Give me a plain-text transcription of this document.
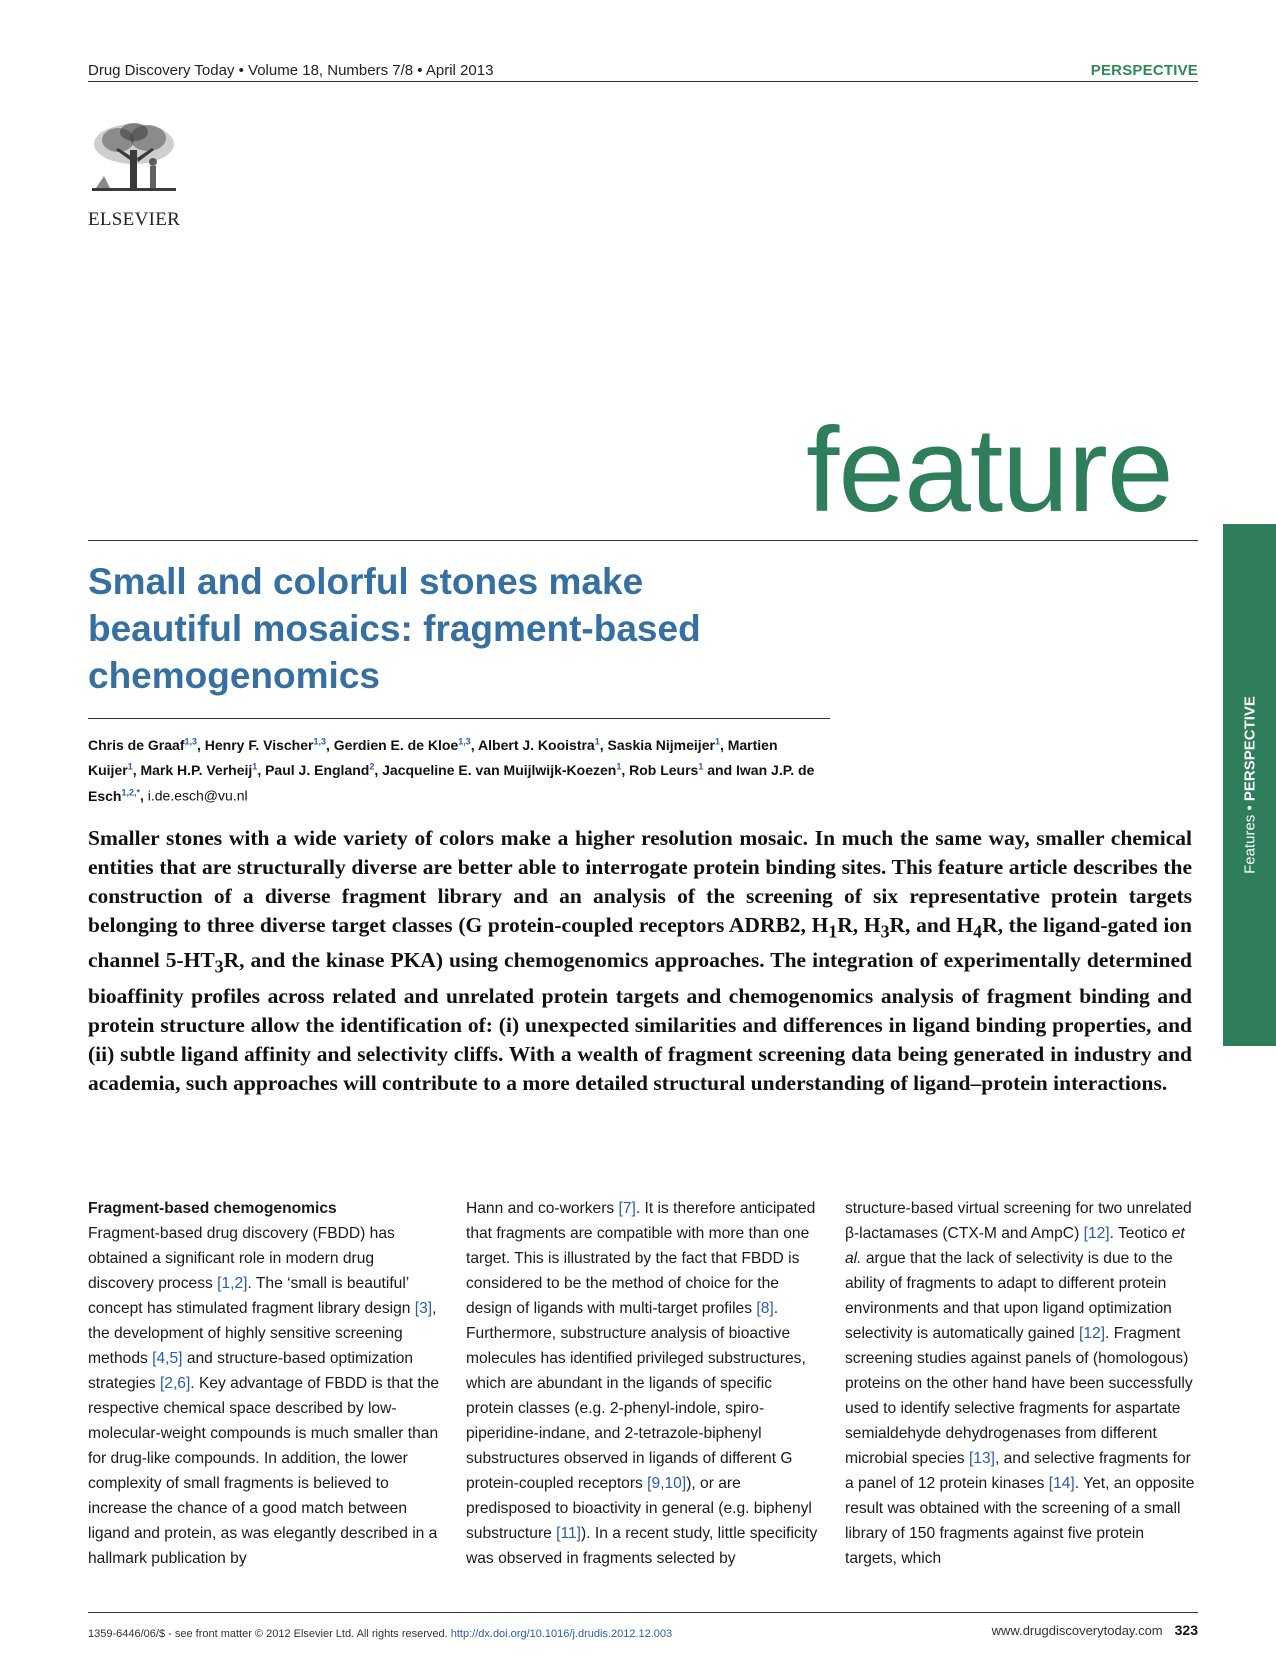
Drug Discovery Today • Volume 18, Numbers 7/8 • April 2013	PERSPECTIVE
ELSEVIER
feature
Features • PERSPECTIVE
Small and colorful stones make beautiful mosaics: fragment-based chemogenomics
Chris de Graaf$^{1,3}$, Henry F. Vischer$^{1,3}$, Gerdien E. de Kloe$^{1,3}$, Albert J. Kooistra$^1$, Saskia Nijmeijer$^1$, Martien Kuijer$^1$, Mark H.P. Verheij$^1$, Paul J. England$^2$, Jacqueline E. van Muijlwijk-Koezen$^1$, Rob Leurs$^1$ and Iwan J.P. de Esch$^{1,2,*}$, i.de.esch@vu.nl
Smaller stones with a wide variety of colors make a higher resolution mosaic. In much the same way, smaller chemical entities that are structurally diverse are better able to interrogate protein binding sites. This feature article describes the construction of a diverse fragment library and an analysis of the screening of six representative protein targets belonging to three diverse target classes (G protein-coupled receptors ADRB2, $H_1R$, $H_3R$, and $H_4R$, the ligand-gated ion channel $5-HT_3R$, and the kinase PKA) using chemogenomics approaches. The integration of experimentally determined bioaffinity profiles across related and unrelated protein targets and chemogenomics analysis of fragment binding and protein structure allow the identification of: (i) unexpected similarities and differences in ligand binding properties, and (ii) subtle ligand affinity and selectivity cliffs. With a wealth of fragment screening data being generated in industry and academia, such approaches will contribute to a more detailed structural understanding of ligand–protein interactions.
Fragment-based chemogenomics

Fragment-based drug discovery (FBDD) has obtained a significant role in modern drug discovery process [1,2]. The ‘small is beautiful’ concept has stimulated fragment library design [3], the development of highly sensitive screening methods [4,5] and structure-based optimization strategies [2,6]. Key advantage of FBDD is that the respective chemical space described by low-molecular-weight compounds is much smaller than for drug-like compounds. In addition, the lower complexity of small fragments is believed to increase the chance of a good match between ligand and protein, as was elegantly described in a hallmark publication by

Hann and co-workers [7]. It is therefore anticipated that fragments are compatible with more than one target. This is illustrated by the fact that FBDD is considered to be the method of choice for the design of ligands with multi-target profiles [8]. Furthermore, substructure analysis of bioactive molecules has identified privileged substructures, which are abundant in the ligands of specific protein classes (e.g. 2-phenyl-indole, spiro-piperidine-indane, and 2-tetrazole-biphenyl substructures observed in ligands of different G protein-coupled receptors [9,10]), or are predisposed to bioactivity in general (e.g. biphenyl substructure [11]). In a recent study, little specificity was observed in fragments selected by

structure-based virtual screening for two unrelated β-lactamases (CTX-M and AmpC) [12]. Teotico et al. argue that the lack of selectivity is due to the ability of fragments to adapt to different protein environments and that upon ligand optimization selectivity is automatically gained [12]. Fragment screening studies against panels of (homologous) proteins on the other hand have been successfully used to identify selective fragments for aspartate semialdehyde dehydrogenases from different microbial species [13], and selective fragments for a panel of 12 protein kinases [14]. Yet, an opposite result was obtained with the screening of a small library of 150 fragments against five protein targets, which

1359-6446/06/$ - see front matter © 2012 Elsevier Ltd. All rights reserved. http://dx.doi.org/10.1016/j.drudis.2012.12.003	www.drugdiscoverytoday.com 323
